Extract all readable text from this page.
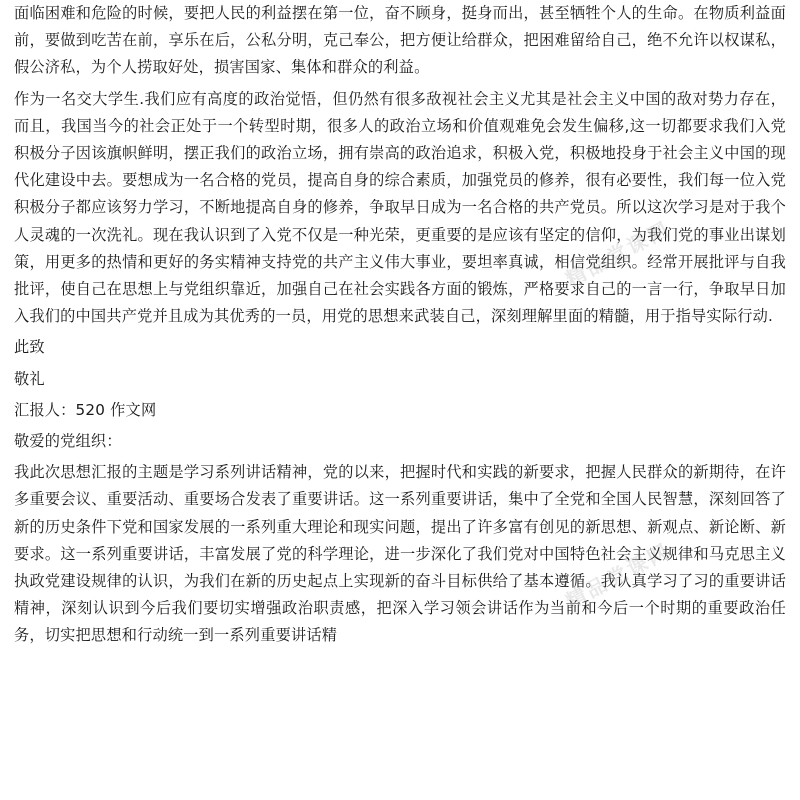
面临困难和危险的时候，要把人民的利益摆在第一位，奋不顾身，挺身而出，甚至牺牲个人的生命。在物质利益面前，要做到吃苦在前，享乐在后，公私分明，克己奉公，把方便让给群众，把困难留给自己，绝不允许以权谋私，假公济私，为个人捞取好处，损害国家、集体和群众的利益。

作为一名交大学生.我们应有高度的政治觉悟，但仍然有很多敌视社会主义尤其是社会主义中国的敌对势力存在，而且，我国当今的社会正处于一个转型时期，很多人的政治立场和价值观难免会发生偏移,这一切都要求我们入党积极分子因该旗帜鲜明，摆正我们的政治立场，拥有崇高的政治追求，积极入党，积极地投身于社会主义中国的现代化建设中去。要想成为一名合格的党员，提高自身的综合素质，加强党员的修养，很有必要性，我们每一位入党积极分子都应该努力学习，不断地提高自身的修养，争取早日成为一名合格的共产党员。所以这次学习是对于我个人灵魂的一次洗礼。现在我认识到了入党不仅是一种光荣，更重要的是应该有坚定的信仰，为我们党的事业出谋划策，用更多的热情和更好的务实精神支持党的共产主义伟大事业，要坦率真诚，相信党组织。经常开展批评与自我批评，使自己在思想上与党组织靠近，加强自己在社会实践各方面的锻炼，严格要求自己的一言一行，争取早日加入我们的中国共产党并且成为其优秀的一员，用党的思想来武装自己，深刻理解里面的精髓，用于指导实际行动.

此致

敬礼

汇报人：520 作文网

敬爱的党组织：

我此次思想汇报的主题是学习系列讲话精神，党的以来，把握时代和实践的新要求，把握人民群众的新期待，在许多重要会议、重要活动、重要场合发表了重要讲话。这一系列重要讲话，集中了全党和全国人民智慧，深刻回答了新的历史条件下党和国家发展的一系列重大理论和现实问题，提出了许多富有创见的新思想、新观点、新论断、新要求。这一系列重要讲话，丰富发展了党的科学理论，进一步深化了我们党对中国特色社会主义规律和马克思主义执政党建设规律的认识，为我们在新的历史起点上实现新的奋斗目标供给了基本遵循。我认真学习了习的重要讲话精神，深刻认识到今后我们要切实增强政治职责感，把深入学习领会讲话作为当前和今后一个时期的重要政治任务，切实把思想和行动统一到一系列重要讲话精

精品党课网
精品党课网
